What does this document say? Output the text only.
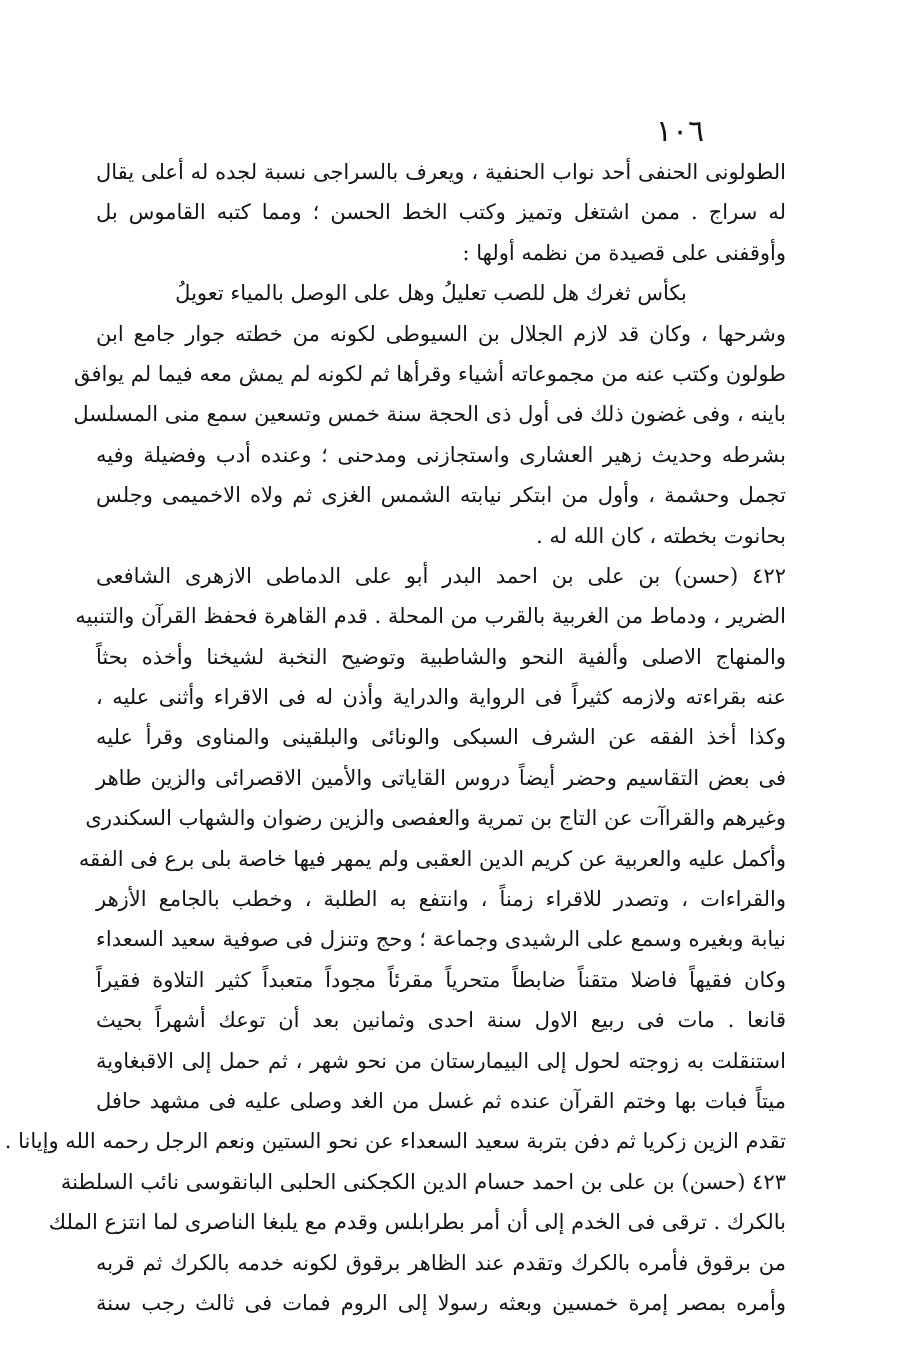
١٠٦
الطولونى الحنفى أحد نواب الحنفية ، ويعرف بالسراجى نسبة لجده له أعلى يقال
له سراج . ممن اشتغل وتميز وكتب الخط الحسن ؛ ومما كتبه القاموس بل
وأوقفنى على قصيدة من نظمه أولها :
بكأس ثغرك هل للصب تعليلُ وهل على الوصل بالمياء تعويلُ
وشرحها ، وكان قد لازم الجلال بن السيوطى لكونه من خطته جوار جامع ابن
طولون وكتب عنه من مجموعاته أشياء وقرأها ثم لكونه لم يمش معه فيما لم يوافق
باينه ، وفى غضون ذلك فى أول ذى الحجة سنة خمس وتسعين سمع منى المسلسل
بشرطه وحديث زهير العشارى واستجازنى ومدحنى ؛ وعنده أدب وفضيلة وفيه
تجمل وحشمة ، وأول من ابتكر نيابته الشمس الغزى ثم ولاه الاخميمى وجلس
بحانوت بخطته ، كان الله له .
٤٢٢ (حسن) بن على بن احمد البدر أبو على الدماطى الازهرى الشافعى
الضرير ، ودماط من الغربية بالقرب من المحلة . قدم القاهرة فحفظ القرآن والتنبيه
والمنهاج الاصلى وألفية النحو والشاطبية وتوضيح النخبة لشيخنا وأخذه بحثاً
عنه بقراءته ولازمه كثيراً فى الرواية والدراية وأذن له فى الاقراء وأثنى عليه ،
وكذا أخذ الفقه عن الشرف السبكى والونائى والبلقينى والمناوى وقرأ عليه
فى بعض التقاسيم وحضر أيضاً دروس القاياتى والأمين الاقصرائى والزين طاهر
وغيرهم والقراآت عن التاج بن تمرية والعفصى والزين رضوان والشهاب السكندرى
وأكمل عليه والعربية عن كريم الدين العقبى ولم يمهر فيها خاصة بلى برع فى الفقه
والقراءات ، وتصدر للاقراء زمناً ، وانتفع به الطلبة ، وخطب بالجامع الأزهر
نيابة وبغيره وسمع على الرشيدى وجماعة ؛ وحج وتنزل فى صوفية سعيد السعداء
وكان فقيهاً فاضلا متقناً ضابطاً متحرياً مقرئاً مجوداً متعبداً كثير التلاوة فقيراً
قانعا . مات فى ربيع الاول سنة احدى وثمانين بعد أن توعك أشهراً بحيث
استنقلت به زوجته لحول إلى البيمارستان من نحو شهر ، ثم حمل إلى الاقبغاوية
ميتاً فبات بها وختم القرآن عنده ثم غسل من الغد وصلى عليه فى مشهد حافل
تقدم الزين زكريا ثم دفن بتربة سعيد السعداء عن نحو الستين ونعم الرجل رحمه الله وإيانا .
٤٢٣ (حسن) بن على بن احمد حسام الدين الكجكنى الحلبى البانقوسى نائب السلطنة
بالكرك . ترقى فى الخدم إلى أن أمر بطرابلس وقدم مع يلبغا الناصرى لما انتزع الملك
من برقوق فأمره بالكرك وتقدم عند الظاهر برقوق لكونه خدمه بالكرك ثم قربه
وأمره بمصر إمرة خمسين وبعثه رسولا إلى الروم فمات فى ثالث رجب سنة
